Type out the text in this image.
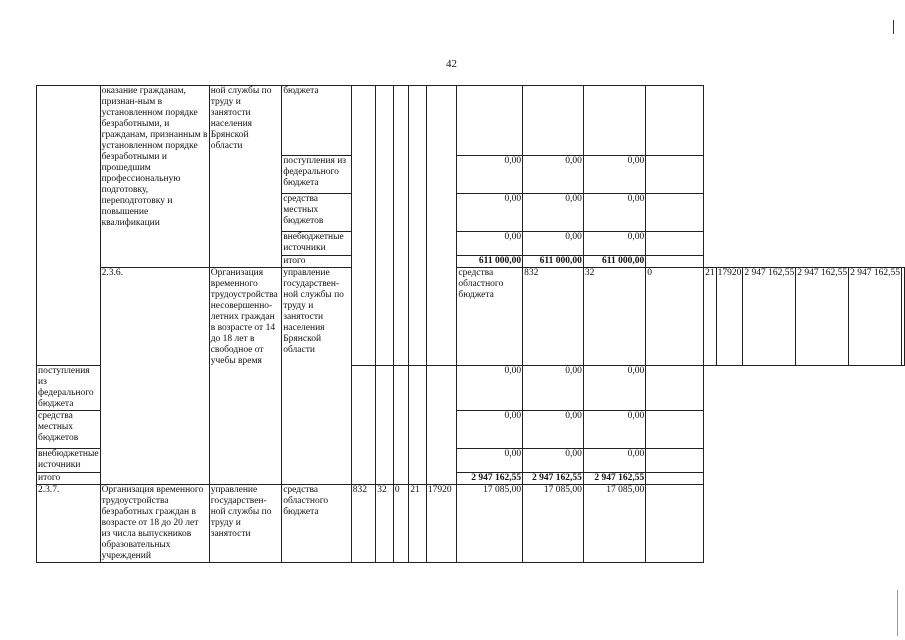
42
	оказание гражданам, признан-ным в установленном порядке безработными, и гражданам, признанным в установленном порядке безработными и прошедшим профессиональную подготовку, переподготовку и повышение квалификации	ной службы по труду и занятости населения Брянской области	бюджета															
			поступления из федерального бюджета						0,00	0,00	0,00							
			средства местных бюджетов						0,00	0,00	0,00							
			внебюджетные источники						0,00	0,00	0,00							
			итого						611 000,00	611 000,00	611 000,00							
	2.3.6.	Организация временного трудоустройства несовершенно-летних граждан в возрасте от 14 до 18 лет в свободное от учебы время	управление государствен-ной службы по труду и занятости населения Брянской области						средства областного бюджета	832	32	0	21	17920	2 947 162,55	2 947 162,55	2 947 162,55	
поступления из федерального бюджета									0,00	0,00	0,00							
средства местных бюджетов									0,00	0,00	0,00							
внебюджетные источники									0,00	0,00	0,00							
итого									2 947 162,55	2 947 162,55	2 947 162,55							
2.3.7.	Организация временного трудоустройства безработных граждан в возрасте от 18 до 20 лет из числа выпускников образовательных учреждений	управление государствен-ной службы по труду и занятости	средства областного бюджета	832	32	0	21	17920	17 085,00	17 085,00	17 085,00							
